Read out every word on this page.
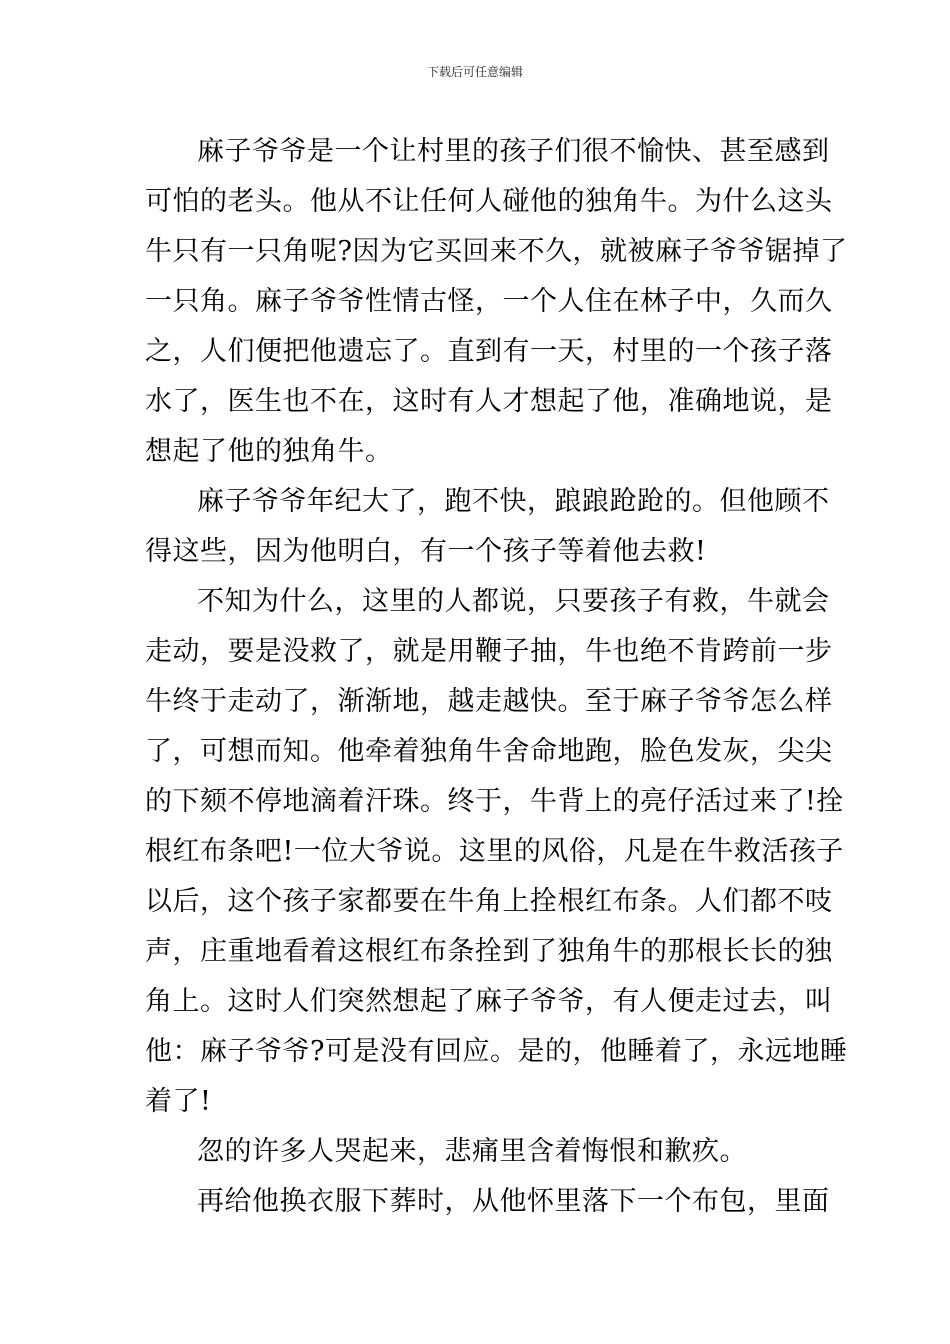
下载后可任意编辑
麻子爷爷是一个让村里的孩子们很不愉快、甚至感到
可怕的老头。他从不让任何人碰他的独角牛。为什么这头
牛只有一只角呢?因为它买回来不久，就被麻子爷爷锯掉了
一只角。麻子爷爷性情古怪，一个人住在林子中，久而久
之，人们便把他遗忘了。直到有一天，村里的一个孩子落
水了，医生也不在，这时有人才想起了他，准确地说，是
想起了他的独角牛。
麻子爷爷年纪大了，跑不快，踉踉跄跄的。但他顾不
得这些，因为他明白，有一个孩子等着他去救!
不知为什么，这里的人都说，只要孩子有救，牛就会
走动，要是没救了，就是用鞭子抽，牛也绝不肯跨前一步
牛终于走动了，渐渐地，越走越快。至于麻子爷爷怎么样
了，可想而知。他牵着独角牛舍命地跑，脸色发灰，尖尖
的下颏不停地滴着汗珠。终于，牛背上的亮仔活过来了!拴
根红布条吧!一位大爷说。这里的风俗，凡是在牛救活孩子
以后，这个孩子家都要在牛角上拴根红布条。人们都不吱
声，庄重地看着这根红布条拴到了独角牛的那根长长的独
角上。这时人们突然想起了麻子爷爷，有人便走过去，叫
他：麻子爷爷?可是没有回应。是的，他睡着了，永远地睡
着了!
忽的许多人哭起来，悲痛里含着悔恨和歉疚。
再给他换衣服下葬时，从他怀里落下一个布包，里面
